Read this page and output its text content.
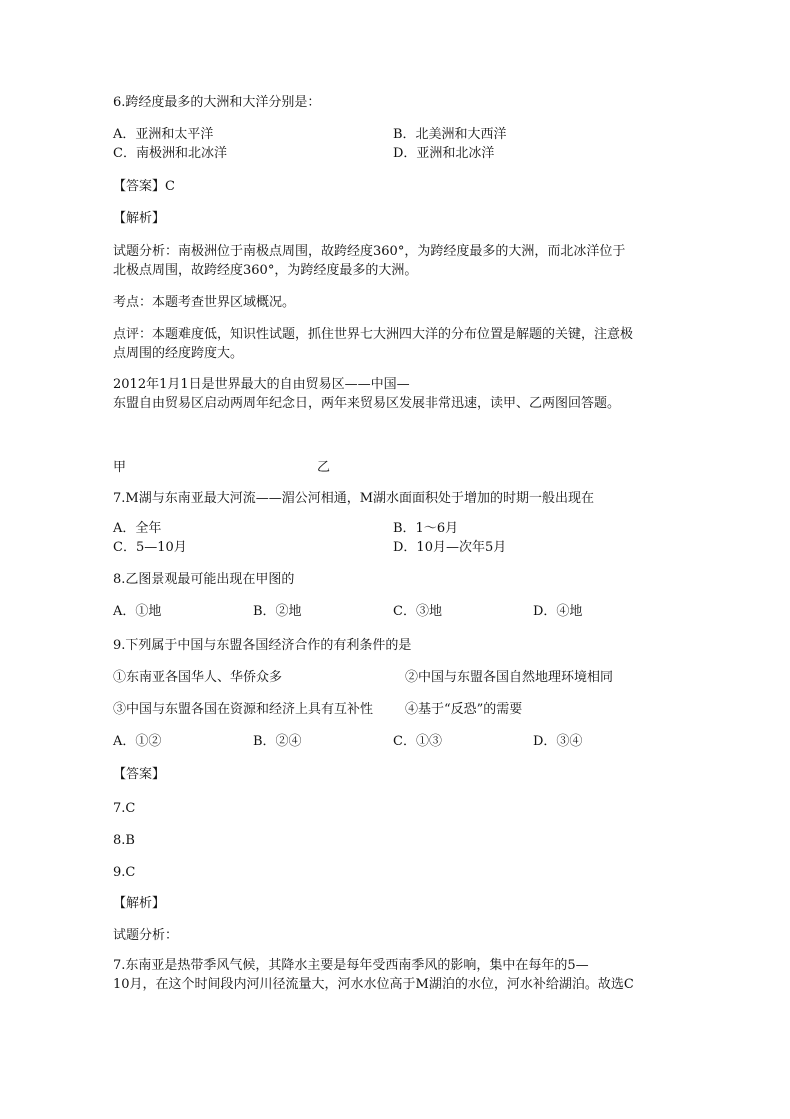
6.跨经度最多的大洲和大洋分别是：
A．亚洲和太平洋	B．北美洲和大西洋
C．南极洲和北冰洋	D．亚洲和北冰洋
【答案】C
【解析】
试题分析：南极洲位于南极点周围，故跨经度360°，为跨经度最多的大洲，而北冰洋位于
北极点周围，故跨经度360°，为跨经度最多的大洲。
考点：本题考查世界区域概况。
点评：本题难度低，知识性试题，抓住世界七大洲四大洋的分布位置是解题的关键，注意极
点周围的经度跨度大。
2012年1月1日是世界最大的自由贸易区——中国—
东盟自由贸易区启动两周年纪念日，两年来贸易区发展非常迅速，读甲、乙两图回答题。
甲	乙
7.M湖与东南亚最大河流——湄公河相通，M湖水面面积处于增加的时期一般出现在
A．全年	B．1～6月
C．5—10月	D．10月—次年5月
8.乙图景观最可能出现在甲图的
A．①地	B．②地	C．③地	D．④地
9.下列属于中国与东盟各国经济合作的有利条件的是
①东南亚各国华人、华侨众多	②中国与东盟各国自然地理环境相同
③中国与东盟各国在资源和经济上具有互补性 ④基于“反恐”的需要
A．①②	B．②④	C．①③	D．③④
【答案】
7.C
8.B
9.C
【解析】
试题分析：
7.东南亚是热带季风气候，其降水主要是每年受西南季风的影响，集中在每年的5—
10月，在这个时间段内河川径流量大，河水水位高于M湖泊的水位，河水补给湖泊。故选C
